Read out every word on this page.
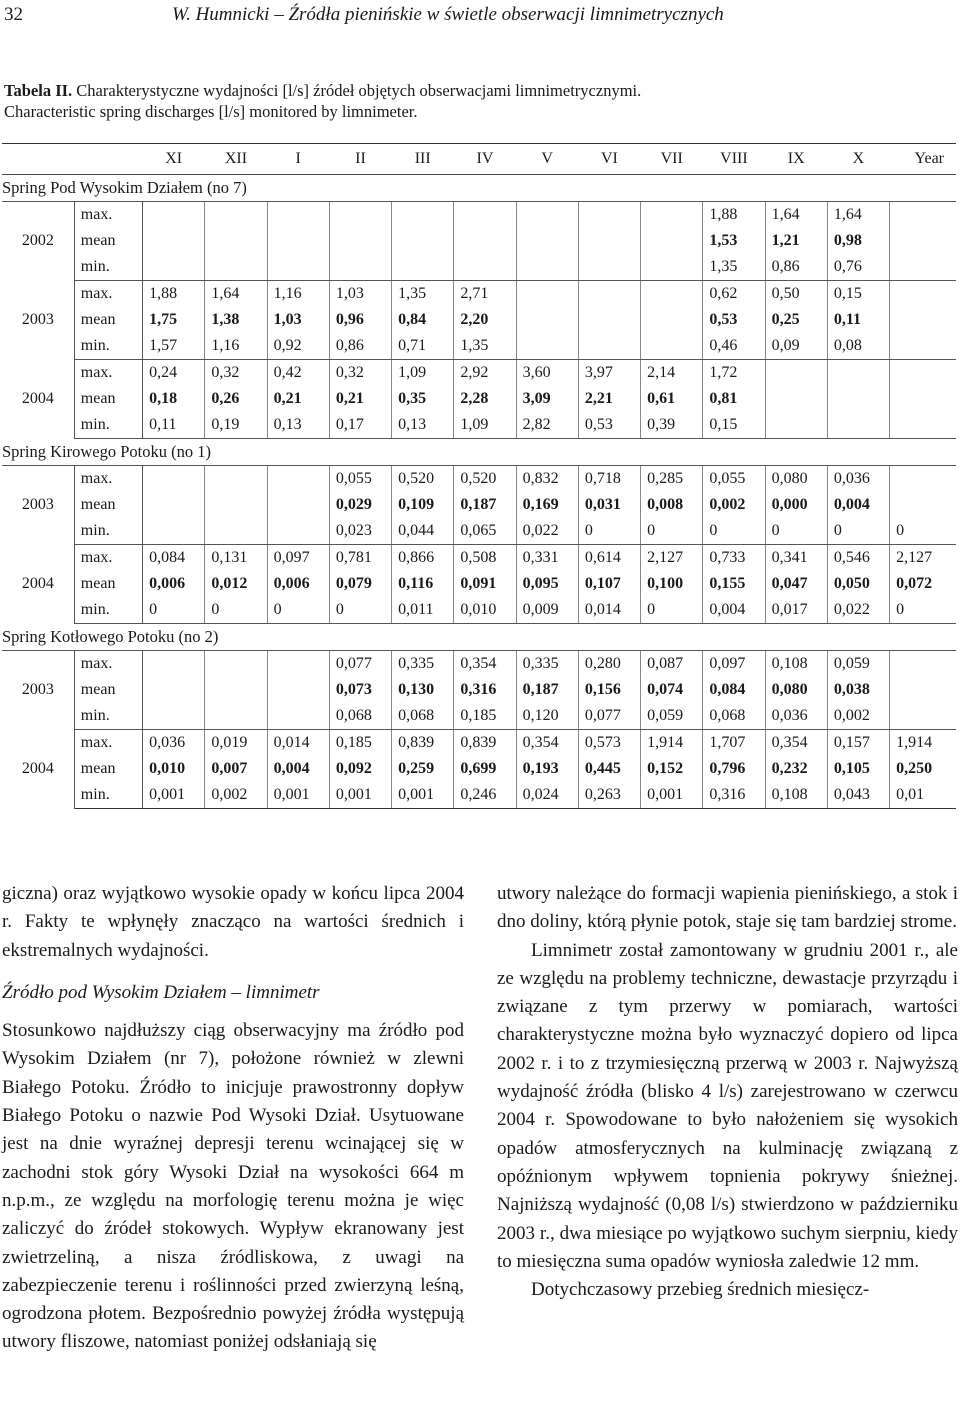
32	W. Humnicki – Źródła pienińskie w świetle obserwacji limnimetrycznych
Tabela II. Charakterystyczne wydajności [l/s] źródeł objętych obserwacjami limnimetrycznymi.
Characteristic spring discharges [l/s] monitored by limnimeter.
		XI	XII	I	II	III	IV	V	VI	VII	VIII	IX	X	Year
Spring Pod Wysokim Działem (no 7)														
2002	max.										1,88	1,64	1,64	
	mean										1,53	1,21	0,98	
	min.										1,35	0,86	0,76	
2003	max.	1,88	1,64	1,16	1,03	1,35	2,71				0,62	0,50	0,15	
	mean	1,75	1,38	1,03	0,96	0,84	2,20				0,53	0,25	0,11	
	min.	1,57	1,16	0,92	0,86	0,71	1,35				0,46	0,09	0,08	
2004	max.	0,24	0,32	0,42	0,32	1,09	2,92	3,60	3,97	2,14	1,72			
	mean	0,18	0,26	0,21	0,21	0,35	2,28	3,09	2,21	0,61	0,81			
	min.	0,11	0,19	0,13	0,17	0,13	1,09	2,82	0,53	0,39	0,15			
Spring Kirowego Potoku (no 1)														
2003	max.				0,055	0,520	0,520	0,832	0,718	0,285	0,055	0,080	0,036	
	mean				0,029	0,109	0,187	0,169	0,031	0,008	0,002	0,000	0,004	
	min.				0,023	0,044	0,065	0,022	0	0	0	0	0	0
2004	max.	0,084	0,131	0,097	0,781	0,866	0,508	0,331	0,614	2,127	0,733	0,341	0,546	2,127
	mean	0,006	0,012	0,006	0,079	0,116	0,091	0,095	0,107	0,100	0,155	0,047	0,050	0,072
	min.	0	0	0	0	0,011	0,010	0,009	0,014	0	0,004	0,017	0,022	0
Spring Kotłowego Potoku (no 2)														
2003	max.				0,077	0,335	0,354	0,335	0,280	0,087	0,097	0,108	0,059	
	mean				0,073	0,130	0,316	0,187	0,156	0,074	0,084	0,080	0,038	
	min.				0,068	0,068	0,185	0,120	0,077	0,059	0,068	0,036	0,002	
2004	max.	0,036	0,019	0,014	0,185	0,839	0,839	0,354	0,573	1,914	1,707	0,354	0,157	1,914
	mean	0,010	0,007	0,004	0,092	0,259	0,699	0,193	0,445	0,152	0,796	0,232	0,105	0,250
	min.	0,001	0,002	0,001	0,001	0,001	0,246	0,024	0,263	0,001	0,316	0,108	0,043	0,01

giczna) oraz wyjątkowo wysokie opady w końcu lipca 2004 r. Fakty te wpłynęły znacząco na wartości średnich i ekstremalnych wydajności.

Źródło pod Wysokim Działem – limnimetr

Stosunkowo najdłuższy ciąg obserwacyjny ma źródło pod Wysokim Działem (nr 7), położone również w zlewni Białego Potoku. Źródło to inicjuje prawostronny dopływ Białego Potoku o nazwie Pod Wysoki Dział. Usytuowane jest na dnie wyraźnej depresji terenu wcinającej się w zachodni stok góry Wysoki Dział na wysokości 664 m n.p.m., ze względu na morfologię terenu można je więc zaliczyć do źródeł stokowych. Wypływ ekranowany jest zwietrzeliną, a nisza źródliskowa, z uwagi na zabezpieczenie terenu i roślinności przed zwierzyną leśną, ogrodzona płotem. Bezpośrednio powyżej źródła występują utwory fliszowe, natomiast poniżej odsłaniają się

utwory należące do formacji wapienia pienińskiego, a stok i dno doliny, którą płynie potok, staje się tam bardziej strome.

Limnimetr został zamontowany w grudniu 2001 r., ale ze względu na problemy techniczne, dewastacje przyrządu i związane z tym przerwy w pomiarach, wartości charakterystyczne można było wyznaczyć dopiero od lipca 2002 r. i to z trzymiesięczną przerwą w 2003 r. Najwyższą wydajność źródła (blisko 4 l/s) zarejestrowano w czerwcu 2004 r. Spowodowane to było nałożeniem się wysokich opadów atmosferycznych na kulminację związaną z opóźnionym wpływem topnienia pokrywy śnieżnej. Najniższą wydajność (0,08 l/s) stwierdzono w październiku 2003 r., dwa miesiące po wyjątkowo suchym sierpniu, kiedy to miesięczna suma opadów wyniosła zaledwie 12 mm.

Dotychczasowy przebieg średnich miesięcz-
